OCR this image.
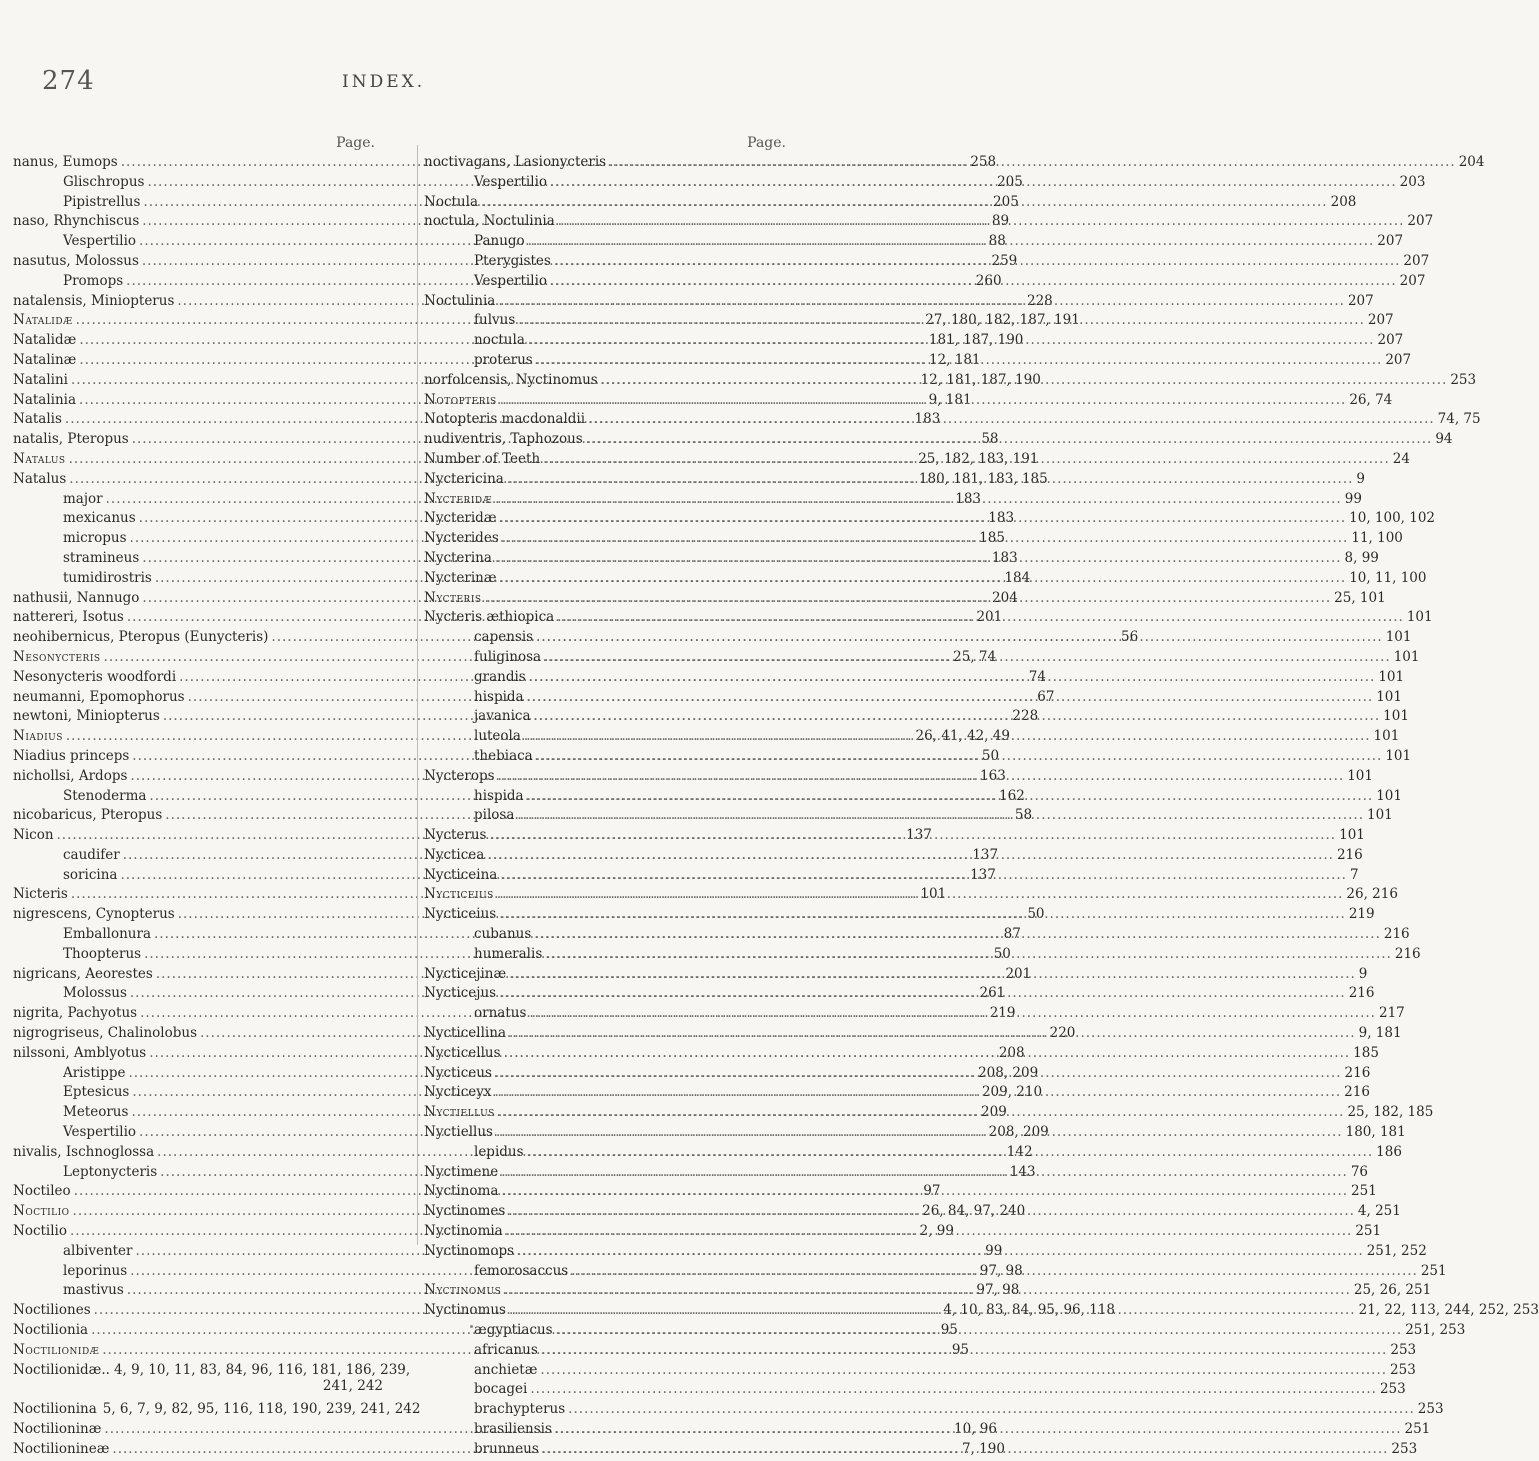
274	INDEX.
Page.
nanus, Eumops .....	258
Glischropus .....	205
Pipistrellus .....	205
naso, Rhynchiscus .....	89
Vespertilio .....	88
nasutus, Molossus .....	259
Promops .....	260
natalensis, Miniopterus .....	228
Natalidæ .....	27, 180, 182, 187, 191
Natalidæ .....	181, 187, 190
Natalinæ .....	12, 181
Natalini .....	12, 181, 187, 190
Natalinia .....	9, 181
Natalis .....	183
natalis, Pteropus .....	58
Natalus .....	25, 182, 183, 191
Natalus .....	180, 181, 183, 185
major .....	183
mexicanus .....	183
micropus .....	185
stramineus .....	183
tumidirostris .....	184
nathusii, Nannugo .....	204
nattereri, Isotus .....	201
neohibernicus, Pteropus (Eunycteris) .....	56
Nesonycteris .....	25, 74
Nesonycteris woodfordi .....	74
neumanni, Epomophorus .....	67
newtoni, Miniopterus .....	228
Niadius .....	26, 41, 42, 49
Niadius princeps .....	50
nichollsi, Ardops .....	163
Stenoderma .....	162
nicobaricus, Pteropus .....	58
Nicon .....	137
caudifer .....	137
soricina .....	137
Nicteris .....	101
nigrescens, Cynopterus .....	50
Emballonura .....	87
Thoopterus .....	50
nigricans, Aeorestes .....	201
Molossus .....	261
nigrita, Pachyotus .....	219
nigrogriseus, Chalinolobus .....	220
nilssoni, Amblyotus .....	208
Aristippe .....	208, 209
Eptesicus .....	209, 210
Meteorus .....	209
Vespertilio .....	208, 209
nivalis, Ischnoglossa .....	142
Leptonycteris .....	143
Noctileo .....	97
Noctilio .....	26, 84, 97, 240
Noctilio .....	2, 99
albiventer .....	99
leporinus .....	97, 98
mastivus .....	97, 98
Noctiliones .....	4, 10, 83, 84, 95, 96, 118
Noctilionia .....	95
Noctilionidæ .....	95
Noctilionidæ.. 4, 9, 10, 11, 83, 84, 96, 116, 181, 186, 239,
241, 242
Noctilionina 5, 6, 7, 9, 82, 95, 116, 118, 190, 239, 241, 242
Noctilioninæ .....	10, 96
Noctilionineæ .....	7, 190
Page.
noctivagans, Lasionycteris .....	204
Vespertilio .....	203
Noctula .....	208
noctula, Noctulinia .....	207
Panugo .....	207
Pterygistes .....	207
Vespertilio .....	207
Noctulinia .....	207
fulvus .....	207
noctula .....	207
proterus .....	207
norfolcensis, Nyctinomus .....	253
Notopteris .....	26, 74
Notopteris macdonaldii .....	74, 75
nudiventris, Taphozous .....	94
Number of Teeth .....	24
Nyctericina .....	9
Nycteridæ .....	99
Nycteridæ .....	10, 100, 102
Nycterides .....	11, 100
Nycterina .....	8, 99
Nycterinæ .....	10, 11, 100
Nycteris .....	25, 101
Nycteris æthiopica .....	101
capensis .....	101
fuliginosa .....	101
grandis .....	101
hispida .....	101
javanica .....	101
luteola .....	101
thebiaca .....	101
Nycterops .....	101
hispida .....	101
pilosa .....	101
Nycterus .....	101
Nycticea .....	216
Nycticeina .....	7
Nycticeius .....	26, 216
Nycticeius .....	219
cubanus .....	216
humeralis .....	216
Nycticejinæ .....	9
Nycticejus .....	216
ornatus .....	217
Nycticellina .....	9, 181
Nycticellus .....	185
Nycticeus .....	216
Nycticeyx .....	216
Nyctiellus .....	25, 182, 185
Nyctiellus .....	180, 181
lepidus .....	186
Nyctimene .....	76
Nyctinoma .....	251
Nyctinomes .....	4, 251
Nyctinomia .....	251
Nyctinomops .....	251, 252
femorosaccus .....	251
Nyctinomus .....	25, 26, 251
Nyctinomus .....	21, 22, 113, 244, 252, 253
ægyptiacus .....	251, 253
africanus .....	253
anchietæ .....	253
bocagei .....	253
brachypterus .....	253
brasiliensis .....	251
brunneus .....	253
